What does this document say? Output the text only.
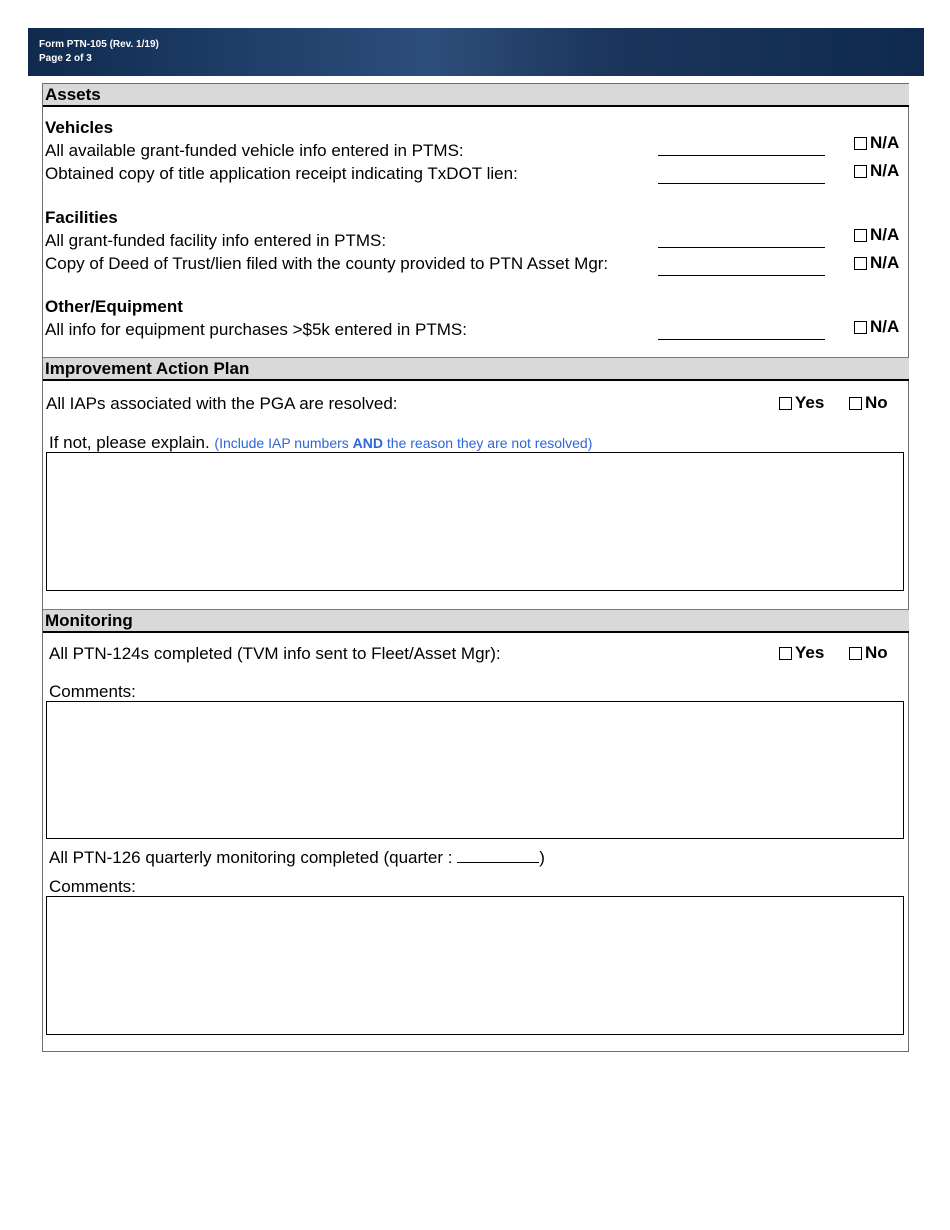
Form PTN-105 (Rev. 1/19)
Page 2 of 3
Assets
Vehicles
All available grant-funded vehicle info entered in PTMS:	N/A
Obtained copy of title application receipt indicating TxDOT lien:	N/A
Facilities
All grant-funded facility info entered in PTMS:	N/A
Copy of Deed of Trust/lien filed with the county provided to PTN Asset Mgr:	N/A
Other/Equipment
All info for equipment purchases >$5k entered in PTMS:	N/A
Improvement Action Plan
All IAPs associated with the PGA are resolved:	Yes No
If not, please explain. (Include IAP numbers AND the reason they are not resolved)
Monitoring
All PTN-124s completed (TVM info sent to Fleet/Asset Mgr):	Yes No
Comments:
All PTN-126 quarterly monitoring completed (quarter :	)
Comments:
